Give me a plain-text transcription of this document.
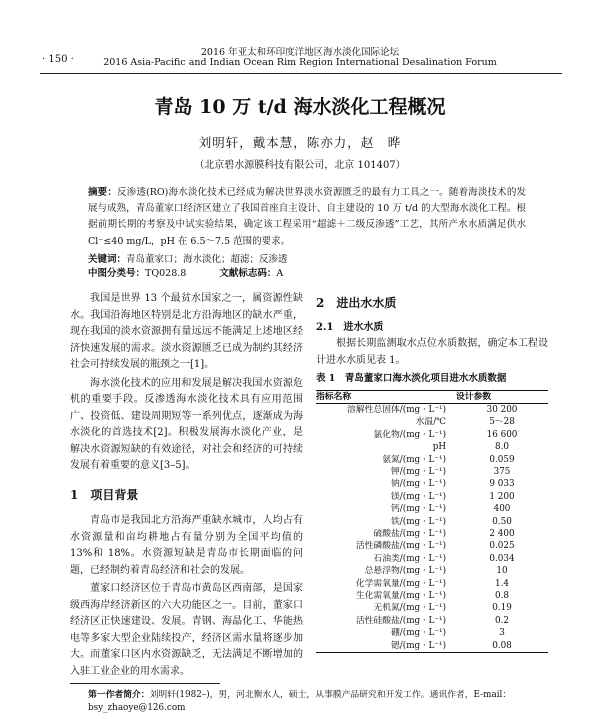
· 150 ·
2016 年亚太和环印度洋地区海水淡化国际论坛
2016 Asia-Pacific and Indian Ocean Rim Region International Desalination Forum
青岛 10 万 t/d 海水淡化工程概况
刘明轩，戴本慧，陈亦力，赵　晔
（北京碧水源膜科技有限公司，北京 101407）
摘要：反渗透(RO)海水淡化技术已经成为解决世界淡水资源匮乏的最有力工具之一。随着海淡技术的发展与成熟，青岛董家口经济区建立了我国首座自主设计、自主建设的 10 万 t/d 的大型海水淡化工程。根据前期长期的考察及中试实验结果，确定该工程采用“超滤＋二级反渗透”工艺，其所产水水质满足供水 Cl⁻≤40 mg/L，pH 在 6.5～7.5 范围的要求。
关键词：青岛董家口；海水淡化；超滤；反渗透
中图分类号：TQ028.8	文献标志码：A

我国是世界 13 个最贫水国家之一，属资源性缺水。我国沿海地区特别是北方沿海地区的缺水严重，现在我国的淡水资源拥有量远远不能满足上述地区经济快速发展的需求。淡水资源匮乏已成为制约其经济社会可持续发展的瓶颈之一[1]。

海水淡化技术的应用和发展是解决我国水资源危机的重要手段。反渗透海水淡化技术具有应用范围广、投资低、建设周期短等一系列优点，逐渐成为海水淡化的首选技术[2]。积极发展海水淡化产业，是解决水资源短缺的有效途径，对社会和经济的可持续发展有着重要的意义[3–5]。

1　项目背景

青岛市是我国北方沿海严重缺水城市，人均占有水资源量和亩均耕地占有量分别为全国平均值的 13%和 18%。水资源短缺是青岛市长期面临的问题，已经制约着青岛经济和社会的发展。

董家口经济区位于青岛市黄岛区西南部，是国家级西海岸经济新区的六大功能区之一。目前，董家口经济区正快速建设、发展。青钢、海晶化工、华能热电等多家大型企业陆续投产，经济区需水量将逐步加大。而董家口区内水资源缺乏，无法满足不断增加的入驻工业企业的用水需求。

2　进出水水质
2.1　进水水质

根据长期监测取水点位水质数据，确定本工程设计进水水质见表 1。

表 1　青岛董家口海水淡化项目进水水质数据
指标名称	设计参数
溶解性总固体/(mg · L⁻¹)	30 200
水温/℃	5～28
氯化物/(mg · L⁻¹)	16 600
pH	8.0
氨氮/(mg · L⁻¹)	0.059
钾/(mg · L⁻¹)	375
钠/(mg · L⁻¹)	9 033
镁/(mg · L⁻¹)	1 200
钙/(mg · L⁻¹)	400
铁/(mg · L⁻¹)	0.50
硫酸盐/(mg · L⁻¹)	2 400
活性磷酸盐/(mg · L⁻¹)	0.025
石油类/(mg · L⁻¹)	0.034
总悬浮物/(mg · L⁻¹)	10
化学需氧量/(mg · L⁻¹)	1.4
生化需氧量/(mg · L⁻¹)	0.8
无机氮/(mg · L⁻¹)	0.19
活性硅酸盐/(mg · L⁻¹)	0.2
硼/(mg · L⁻¹)	3
锶/(mg · L⁻¹)	0.08
第一作者简介：刘明轩(1982–)，男，河北衡水人，硕士，从事膜产品研究和开发工作。通讯作者，E-mail：bsy_zhaoye@126.com
